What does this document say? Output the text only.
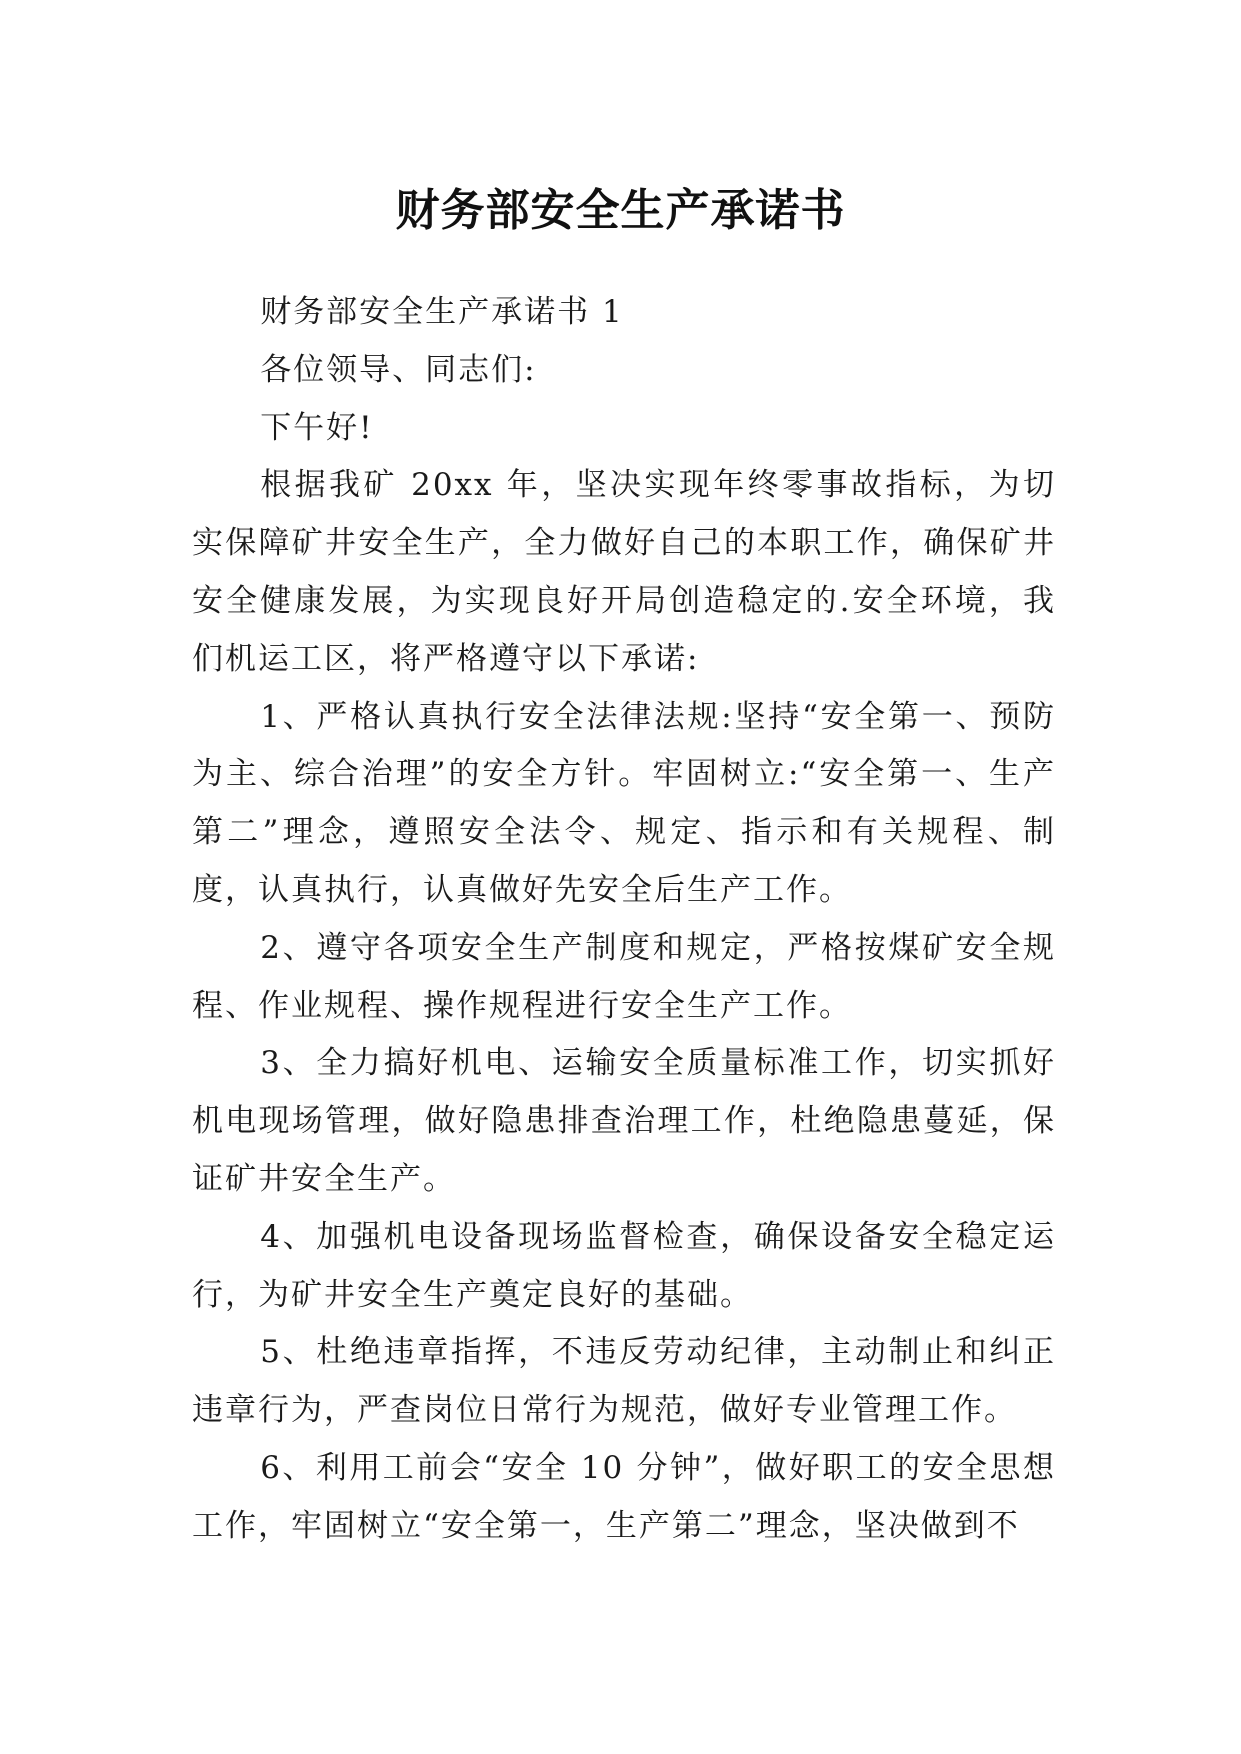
财务部安全生产承诺书

财务部安全生产承诺书 1

各位领导、同志们:

下午好!

根据我矿 20xx 年，坚决实现年终零事故指标，为切实保障矿井安全生产，全力做好自己的本职工作，确保矿井安全健康发展，为实现良好开局创造稳定的.安全环境，我们机运工区，将严格遵守以下承诺:

1、严格认真执行安全法律法规:坚持“安全第一、预防为主、综合治理”的安全方针。牢固树立:“安全第一、生产第二”理念，遵照安全法令、规定、指示和有关规程、制度，认真执行，认真做好先安全后生产工作。

2、遵守各项安全生产制度和规定，严格按煤矿安全规程、作业规程、操作规程进行安全生产工作。

3、全力搞好机电、运输安全质量标准工作，切实抓好机电现场管理，做好隐患排查治理工作，杜绝隐患蔓延，保证矿井安全生产。

4、加强机电设备现场监督检查，确保设备安全稳定运行，为矿井安全生产奠定良好的基础。

5、杜绝违章指挥，不违反劳动纪律，主动制止和纠正违章行为，严查岗位日常行为规范，做好专业管理工作。

6、利用工前会“安全 10 分钟”，做好职工的安全思想工作，牢固树立“安全第一，生产第二”理念，坚决做到不
